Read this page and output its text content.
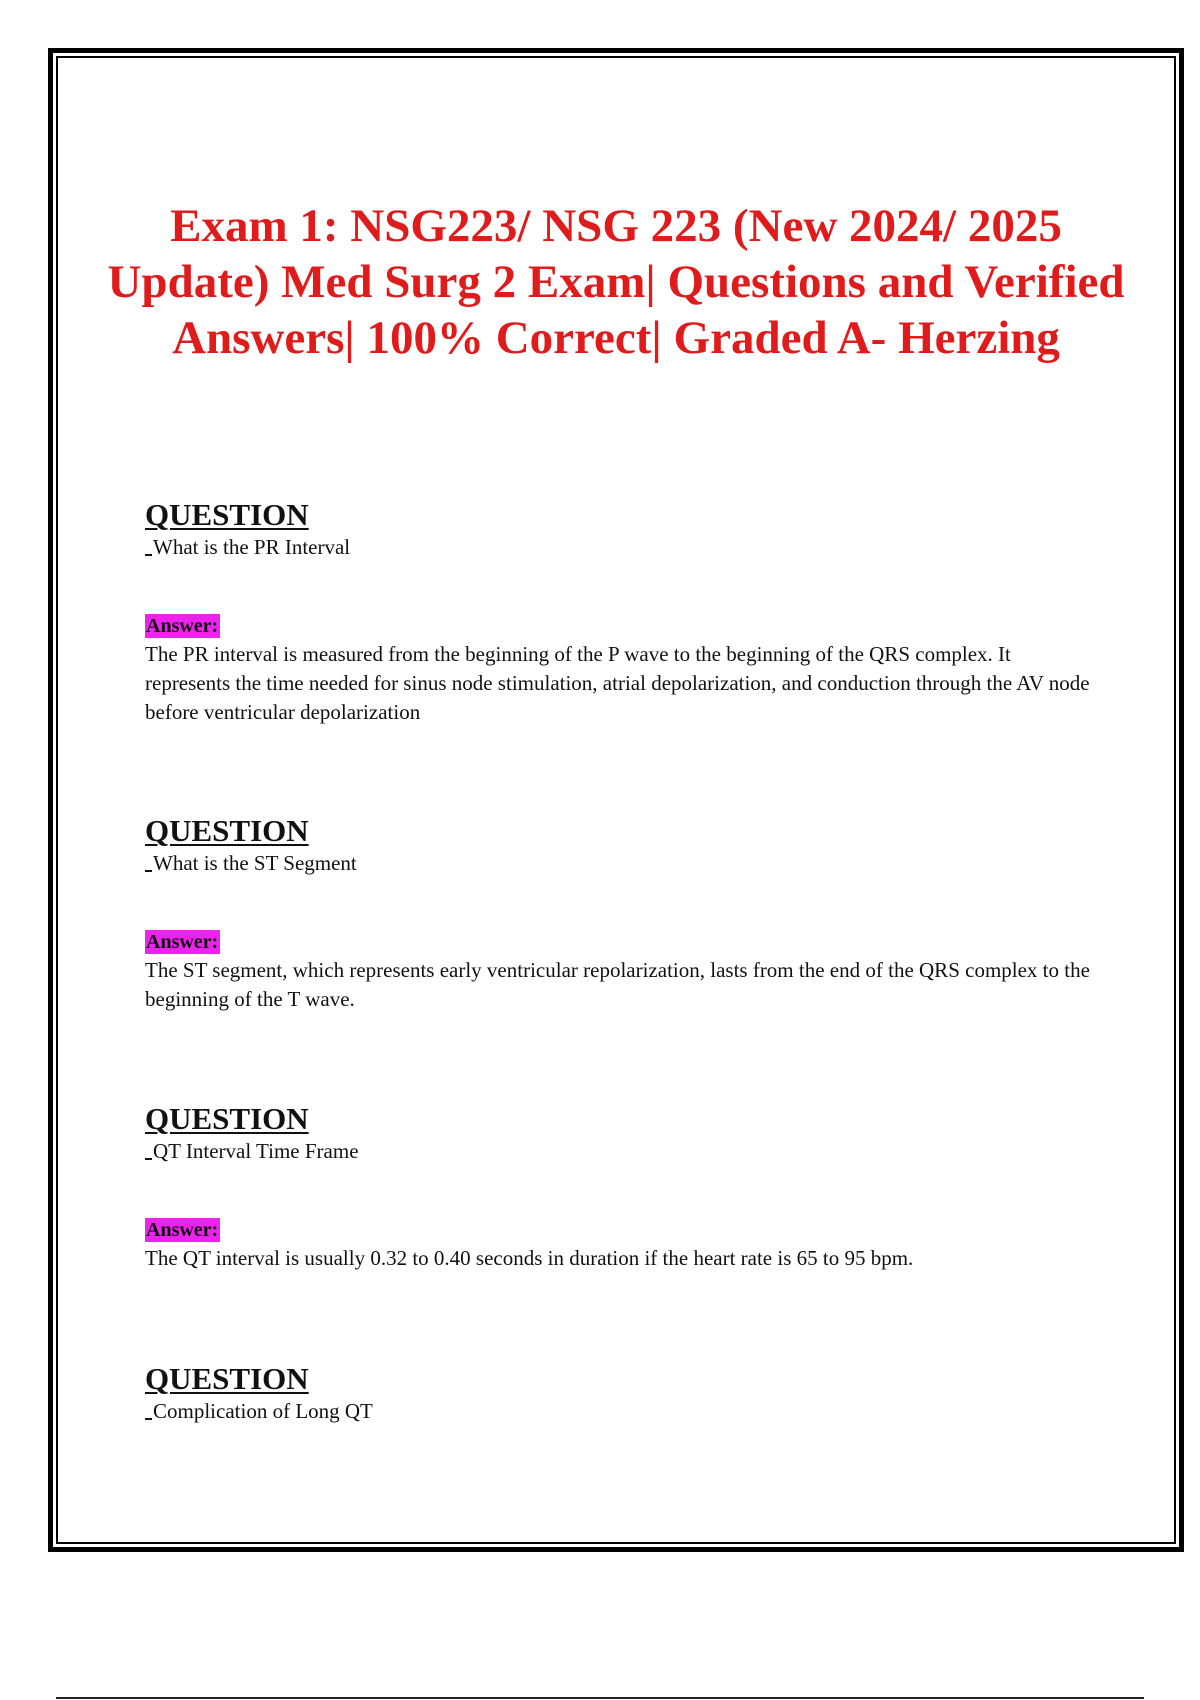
Exam 1: NSG223/ NSG 223 (New 2024/ 2025 Update) Med Surg 2 Exam| Questions and Verified Answers| 100% Correct| Graded A- Herzing
QUESTION

What is the PR Interval

Answer:

The PR interval is measured from the beginning of the P wave to the beginning of the QRS complex. It represents the time needed for sinus node stimulation, atrial depolarization, and conduction through the AV node before ventricular depolarization

QUESTION

What is the ST Segment

Answer:

The ST segment, which represents early ventricular repolarization, lasts from the end of the QRS complex to the beginning of the T wave.

QUESTION

QT Interval Time Frame

Answer:

The QT interval is usually 0.32 to 0.40 seconds in duration if the heart rate is 65 to 95 bpm.

QUESTION

Complication of Long QT
